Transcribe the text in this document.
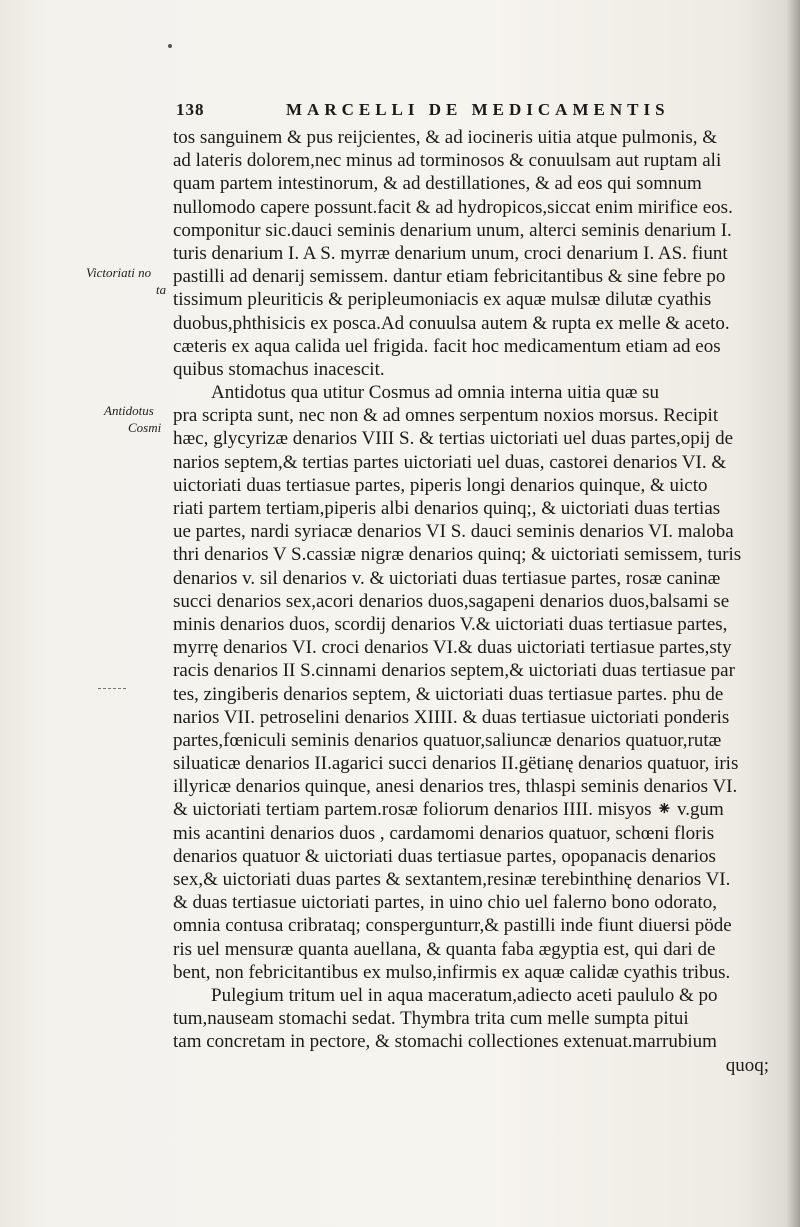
138	MARCELLI DE MEDICAMENTIS
Victoriati no
ta
Antidotus
Cosmi
tos sanguinem & pus reijcientes, & ad iocineris uitia atque pulmonis, &
ad lateris dolorem,nec minus ad torminosos & conuulsam aut ruptam ali
quam partem intestinorum, & ad destillationes, & ad eos qui somnum
nullomodo capere possunt.facit & ad hydropicos,siccat enim mirifice eos.
componitur sic.dauci seminis denarium unum, alterci seminis denarium I.
turis denarium I. A S. myrræ denarium unum, croci denarium I. AS. fiunt
pastilli ad denarij semissem. dantur etiam febricitantibus & sine febre po
tissimum pleuriticis & peripleumoniacis ex aquæ mulsæ dilutæ cyathis
duobus,phthisicis ex posca.Ad conuulsa autem & rupta ex melle & aceto.
cæteris ex aqua calida uel frigida. facit hoc medicamentum etiam ad eos
quibus stomachus inacescit.
Antidotus qua utitur Cosmus ad omnia interna uitia quæ su
pra scripta sunt, nec non & ad omnes serpentum noxios morsus. Recipit
hæc, glycyrizæ denarios VIII S. & tertias uictoriati uel duas partes,opij de
narios septem,& tertias partes uictoriati uel duas, castorei denarios VI. &
uictoriati duas tertiasue partes, piperis longi denarios quinque, & uicto
riati partem tertiam,piperis albi denarios quinq;, & uictoriati duas tertias
ue partes, nardi syriacæ denarios VI S. dauci seminis denarios VI. maloba
thri denarios V S.cassiæ nigræ denarios quinq; & uictoriati semissem, turis
denarios v. sil denarios v. & uictoriati duas tertiasue partes, rosæ caninæ
succi denarios sex,acori denarios duos,sagapeni denarios duos,balsami se
minis denarios duos, scordij denarios V.& uictoriati duas tertiasue partes,
myrrę denarios VI. croci denarios VI.& duas uictoriati tertiasue partes,sty
racis denarios II S.cinnami denarios septem,& uictoriati duas tertiasue par
tes, zingiberis denarios septem, & uictoriati duas tertiasue partes. phu de
narios VII. petroselini denarios XIIII. & duas tertiasue uictoriati ponderis
partes,fœniculi seminis denarios quatuor,saliuncæ denarios quatuor,rutæ
siluaticæ denarios II.agarici succi denarios II.gëtianę denarios quatuor, iris
illyricæ denarios quinque, anesi denarios tres, thlaspi seminis denarios VI.
& uictoriati tertiam partem.rosæ foliorum denarios IIII. misyos ⁕ v.gum
mis acantini denarios duos , cardamomi denarios quatuor, schœni floris
denarios quatuor & uictoriati duas tertiasue partes, opopanacis denarios
sex,& uictoriati duas partes & sextantem,resinæ terebinthinę denarios VI.
& duas tertiasue uictoriati partes, in uino chio uel falerno bono odorato,
omnia contusa cribrataq; conspergunturr,& pastilli inde fiunt diuersi pöde
ris uel mensuræ quanta auellana, & quanta faba ægyptia est, qui dari de
bent, non febricitantibus ex mulso,infirmis ex aquæ calidæ cyathis tribus.
Pulegium tritum uel in aqua maceratum,adiecto aceti paululo & po
tum,nauseam stomachi sedat. Thymbra trita cum melle sumpta pitui
tam concretam in pectore, & stomachi collectiones extenuat.marrubium
quoq;
